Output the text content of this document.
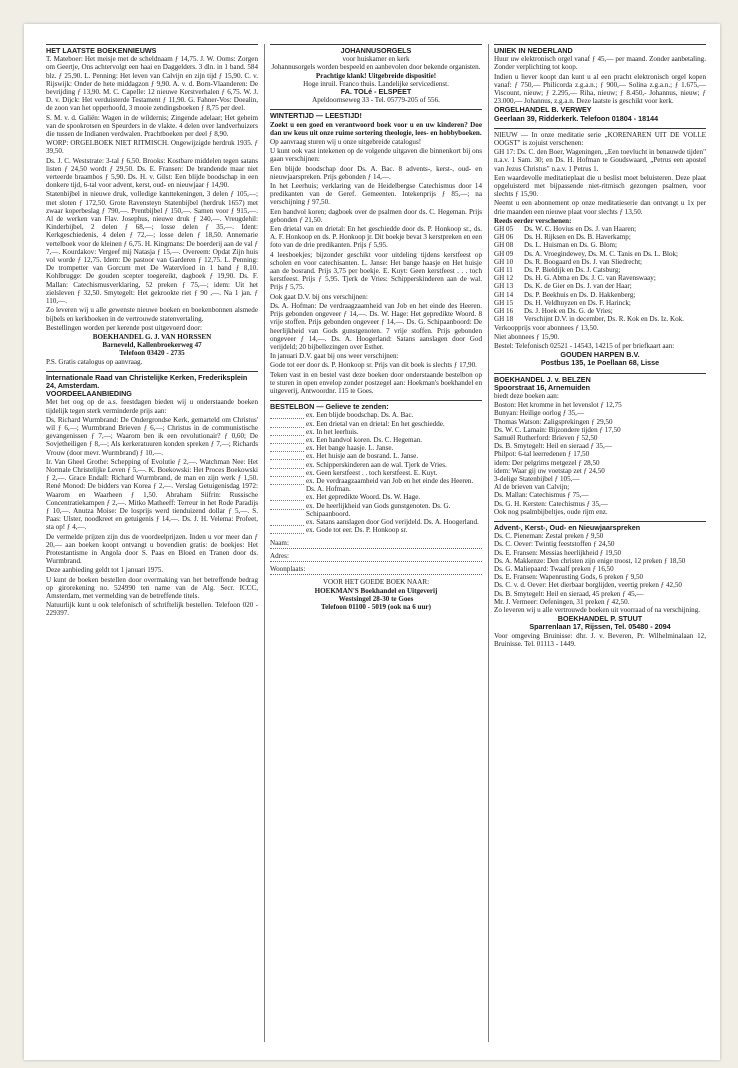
HET LAATSTE BOEKENNIEUWS

T. Mateboer: Het meisje met de scheldnaam ƒ 14,75. J. W. Ooms: Zorgen om Geertje, Ons achtervolgt een haai en Daggelders. 3 dln. in 1 band. 584 blz. ƒ 25,90. L. Penning: Het leven van Calvijn en zijn tijd ƒ 15,90. C. v. Rijswijk: Onder de hete middagzon ƒ 9,90. A. v. d. Born-Vlaanderen: De bevrijding ƒ 13,90. M. C. Capelle: 12 nieuwe Kerstverhalen ƒ 6,75. W. J. D. v. Dijck: Het verduisterde Testament ƒ 11,90. G. Fahner-Vos: Doealin, de zoon van het opperhoofd, 3 mooie zendingsboeken ƒ 8,75 per deel.

S. M. v. d. Galiën: Wagen in de wildernis; Zingende adelaar; Het geheim van de spookrotsen en Speurders in de vlakte. 4 delen over landverhuizers die tussen de Indianen verdwalen. Prachtboeken per deel ƒ 8,90.

WORP: ORGELBOEK NIET RITMISCH. Ongewijzigde herdruk 1935. ƒ 39,50.

Ds. J. C. Weststrate: 3-tal ƒ 6,50. Brooks: Kostbare middelen tegen satans listen ƒ 24,50 wordt ƒ 29,50. Ds. E. Fransen: De brandende maar niet verteerde braambos ƒ 5,90. Ds. H. v. Gilst: Een blijde boodschap in een donkere tijd, 6-tal voor advent, kerst, oud- en nieuwjaar ƒ 14,90.

Statenbijbel in nieuwe druk, volledige kanttekeningen, 3 delen ƒ 105,—; met sloten ƒ 172,50. Grote Ravensteyn Statenbijbel (herdruk 1657) met zwaar koperbeslag ƒ 790,—. Prentbijbel ƒ 150,—. Samen voor ƒ 915,—. Al de werken van Flav. Josephus, nieuwe druk ƒ 240,—. Vreugdehil: Kinderbijbel, 2 delen ƒ 68,—; losse delen ƒ 35,—. Ident: Kerkgeschiedenis, 4 delen ƒ 72,—; losse delen ƒ 18,50. Annemarie vertelboek voor de kleinen ƒ 6,75. H. Kingmans: De boerderij aan de val ƒ 7,—. Kourdakov: Vergeef mij Natasja ƒ 15,—. Overeem: Opdat Zijn huis vol worde ƒ 12,75. Idem: De pastoor van Garderen ƒ 12,75. L. Penning: De trompetter van Gorcum met De Watervloed in 1 band ƒ 8,10. Kohlbrugge: De gouden scepter toegereikt, dagboek ƒ 19,90. Ds. F. Mallan: Catechismusverklaring, 52 preken ƒ 75,—; idem: Uit het zielsleven ƒ 32,50. Smytegelt: Het gekrookte riet ƒ 90 ,—. Na 1 jan. ƒ 110,—.

Zo leveren wij u alle gewenste nieuwe boeken en boekenbonnen alsmede bijbels en kerkboeken in de vertrouwde statenvertaling.

Bestellingen worden per kerende post uitgevoerd door:

BOEKHANDEL G. J. VAN HORSSEN
Barneveld, Kallenbroekerweg 47
Telefoon 03420 - 2735

P.S. Gratis catalogus op aanvraag.

Internationale Raad van Christelijke Kerken, Frederiksplein 24, Amsterdam.
VOORDEELAANBIEDING

Met het oog op de a.s. feestdagen bieden wij u onderstaande boeken tijdelijk tegen sterk verminderde prijs aan:

Ds. Richard Wurmbrand: De Ondergrondse Kerk, gemarteld om Christus' wil ƒ 6,—; Wurmbrand Brieven ƒ 6,—; Christus in de communistische gevangenissen ƒ 7,—; Waarom ben ik een revolutionair? ƒ 0,60; De Sovjetheiligen ƒ 8,—; Als kerkeratuuren konden spreken ƒ 7,—; Richards Vrouw (door mevr. Wurmbrand) ƒ 10,—.

Ir. Van Gheel Grothe: Schepping of Evolutie ƒ 2,—. Watchman Nee: Het Normale Christelijke Leven ƒ 5,—. K. Boekowski: Het Proces Boekowski ƒ 2,—. Grace Endall: Richard Wurmbrand, de man en zijn werk ƒ 1,50. René Monod: De bidders van Korea ƒ 2,—. Verslag Getuigenisdag 1972: Waarom en Waarheen ƒ 1,50. Abraham Siifrin: Russische Concentratiekampen ƒ 2,—. Mitko Matheeff: Terreur in het Rode Paradijs ƒ 10,—. Anutza Moise: De losprijs werd tienduizend dollar ƒ 5,—. S. Paas: Ulster, noodkreet en getuigenis ƒ 14,—. Ds. J. H. Velema: Profeet, sta op! ƒ 4,—.

De vermelde prijzen zijn dus de voordeelprijzen. Inden u vor meer dan ƒ 20,— aan boeken koopt ontvangt u bovendien gratis: de boekjes: Het Protestantisme in Angola door S. Paas en Bloed en Tranen door ds. Wurmbrand.

Deze aanbieding geldt tot 1 januari 1975.

U kunt de boeken bestellen door overmaking van het betreffende bedrag op girorekening no. 524990 ten name van de Alg. Secr. ICCC, Amsterdam, met vermelding van de betreffende titels.

Natuurlijk kunt u ook telefonisch of schriftelijk bestellen. Telefoon 020 - 229397.

JOHANNUSORGELS
voor huiskamer en kerk
Johannusorgels worden bespeeld en aanbevolen door bekende organisten.
Prachtige klank! Uitgebreide dispositie!
Hoge inruil. Franco thuis. Landelijke servicedienst.
FA. TOLé - ELSPEET
Apeldoornseweg 33 - Tel. 05779-205 of 556.
WINTERTIJD — LEESTIJD!

Zoekt u een goed en verantwoord boek voor u en uw kinderen? Doe dan uw keus uit onze ruime sortering theologie, lees- en hobbyboeken.

Op aanvraag sturen wij u onze uitgebreide catalogus!

U kunt ook vast intekenen op de volgende uitgaven die binnenkort bij ons gaan verschijnen:

Een blijde boodschap door Ds. A. Bac. 8 advents-, kerst-, oud- en nieuwjaarspreken. Prijs gebonden ƒ 14,—.

In het Leerhuis; verklaring van de Heidelbergse Catechismus door 14 predikanten van de Geref. Gemeenten. Intekenprijs ƒ 85,—; na verschijning ƒ 97,50.

Een handvol koren; dagboek over de psalmen door ds. C. Hegeman. Prijs gebonden ƒ 21,50.

Een drietal van en drietal: En het geschiedde door ds. P. Honkoop sr., ds. A. F. Honkoop en ds. P. Honkoop jr. Dit boekje bevat 3 kerstpreken en een foto van de drie predikanten. Prijs ƒ 5,95.

4 leesboekjes; bijzonder geschikt voor uitdeling tijdens kerstfeest op scholen en voor catechisanten. L. Janse: Het bange haasje en Het huisje aan de bosrand. Prijs 3,75 per boekje. E. Kuyt: Geen kerstfeest . . . toch kerstfeest. Prijs ƒ 5,95. Tjerk de Vries: Schipperskinderen aan de wal. Prijs ƒ 5,75.

Ook gaat D.V. bij ons verschijnen:

Ds. A. Hofman: De verdraagzaamheid van Job en het einde des Heeren. Prijs gebonden ongeveer ƒ 14,—. Ds. W. Hage: Het gepredikte Woord. 8 vrije stoffen. Prijs gebonden ongeveer ƒ 14,—. Ds. G. Schipaanboord: De heerlijkheid van Gods gunstgenoten. 7 vrije stoffen. Prijs gebonden ongeveer ƒ 14,—. Ds. A. Hoogerland: Satans aanslagen door God verijdeld; 20 bijbellezingen over Esther.

In januari D.V. gaat bij ons weer verschijnen:

Gode tot eer door ds. P. Honkoop sr. Prijs van dit boek is slechts ƒ 17,90.

Teken vast in en bestel vast deze boeken door onderstaande bestelbon op te sturen in open envelop zonder postzegel aan: Hoekman's boekhandel en uitgeverij, Antwoordnr. 115 te Goes.

BESTELBON — Gelieve te zenden:
ex. Een blijde boodschap. Ds. A. Bac.
ex. Een drietal van en drietal: En het geschiedde.
ex. In het leerhuis.
ex. Een handvol koren. Ds. C. Hegeman.
ex. Het bange haasje. L. Janse.
ex. Het huisje aan de bosrand. L. Janse.
ex. Schipperskinderen aan de wal. Tjerk de Vries.
ex. Geen kerstfeest . . toch kerstfeest. E. Kuyt.
ex. De verdraagzaamheid van Job en het einde des Heeren. Ds. A. Hofman.
ex. Het gepredikte Woord. Ds. W. Hage.
ex. De heerlijkheid van Gods gunstgenoten. Ds. G. Schipaanboord.
ex. Satans aanslagen door God verijdeld. Ds. A. Hoogerland.
ex. Gode tot eer. Ds. P. Honkoop sr.
Naam:
Adres:
Woonplaats:
VOOR HET GOEDE BOEK NAAR:
HOEKMAN'S Boekhandel en Uitgeverij
Westsingel 28-30 te Goes
Telefoon 01100 - 5019 (ook na 6 uur)
UNIEK IN NEDERLAND

Huur uw elektronisch orgel vanaf ƒ 45,— per maand. Zonder aanbetaling. Zonder verplichting tot koop.

Indien u liever koopt dan kunt u al een pracht elektronisch orgel kopen vanaf: ƒ 750,— Philicorda z.g.a.n.; ƒ 900,— Solina z.g.a.n.; ƒ 1.675,— Viscount, nieuw; ƒ 2.295,— Riha, nieuw; ƒ 8.450,- Johannus, nieuw; ƒ 23.000,— Johannus, z.g.a.n. Deze laatste is geschikt voor kerk.

ORGELHANDEL B. VERWEY
Geerlaan 39, Ridderkerk. Telefoon 01804 - 18144

NIEUW — In onze meditatie serie „KORENAREN UIT DE VOLLE OOGST" is zojuist verschenen:

GH 17: Ds. C. den Boer, Wageningen, „Een toevlucht in benauwde tijden" n.a.v. 1 Sam. 30; en Ds. H. Hofman te Goudswaard, „Petrus een apostel van Jezus Christus" n.a.v. 1 Petrus 1.

Een waardevolle meditatieplaat die u beslist moet beluisteren. Deze plaat opgeluisterd met bijpassende niet-ritmisch gezongen psalmen, voor slechts ƒ 15,90.

Neemt u een abonnement op onze meditatieserie dan ontvangt u 1x per drie maanden een nieuwe plaat voor slechts ƒ 13,50.

Reeds eerder verschenen:
GH 05	Ds. W. C. Hovius en Ds. J. van Haaren;
GH 06	Ds. H. Rijksen en Ds. B. Haverkamp;
GH 08	Ds. L. Huisman en Ds. G. Blom;
GH 09	Ds. A. Vroegindewey, Ds. M. C. Tanis en Ds. L. Blok;
GH 10	Ds. R. Boogaard en Ds. J. van Sliedrecht;
GH 11	Ds. P. Bieldijk en Ds. J. Catsburg;
GH 12	Ds. H. G. Abma en Ds. J. C. van Ravenswaay;
GH 13	Ds. K. de Gier en Ds. J. van der Haar;
GH 14	Ds. P. Beekhuis en Ds. D. Hakkenberg;
GH 15	Ds. H. Veldhuyzen en Ds. F. Harinck;
GH 16	Ds. J. Hoek en Ds. G. de Vries;
GH 18	Verschijnt D.V. in december, Ds. R. Kok en Ds. Iz. Kok.

Verkoopprijs voor abonnees ƒ 13,50.

Niet abonnees ƒ 15,90.

Bestel: Telefonisch 02521 - 14543, 14215 of per briefkaart aan:

GOUDEN HARPEN B.V.
Postbus 135, 1e Poellaan 68, Lisse
BOEKHANDEL J. v. BELZEN
Spoorstraat 16, Arnemuiden

biedt deze boeken aan:

Boston: Het kromme in het levenslot ƒ 12,75
Bunyan: Heilige oorlog ƒ 35,—
Thomas Watson: Zaligsprekingen ƒ 29,50
Ds. W. C. Lamain: Bijzondere tijden ƒ 17,50
Samuël Rutherford: Brieven ƒ 52,50
Ds. B. Smytegelt: Heil en sieraad ƒ 35,—
Philpot: 6-tal leerredenen ƒ 17,50
idem: Der pelgrims metgezel ƒ 28,50
idem: Waar gij uw voetstap zet ƒ 24,50
3-delige Statenbijbel ƒ 105,—
Al de brieven van Calvijn;
Ds. Mallan: Catechismus ƒ 75,—
Ds. G. H. Kersten: Catechismus ƒ 35,—
Ook nog psalmbijbeltjes, oude rijm enz.
Advent-, Kerst-, Oud- en Nieuwjaarspreken
Ds. C. Pieneman: Zestal preken ƒ 9,50
Ds. C. Oever: Twintig feeststoffen ƒ 24,50
Ds. E. Fransen: Messias heerlijkheid ƒ 19,50
Ds. A. Makkenze: Den christen zijn enige troost, 12 preken ƒ 18,50
Ds. G. Maliepaard: Twaalf preken ƒ 16,50
Ds. E. Fransen: Wapenrusting Gods, 6 preken ƒ 9,50
Ds. C. v. d. Oever: Het dierbaar borglijden, veertig preken ƒ 42,50
Ds. B. Smytegelt: Heil en sieraad, 45 preken ƒ 45,—
Mr. J. Vermeer: Oefeningen, 31 preken ƒ 42,50.

Zo leveren wij u alle vertrouwde boeken uit voorraad of na verschijning.

BOEKHANDEL P. STUUT
Sparrenlaan 17, Rijssen, Tel. 05480 - 2094

Voor omgeving Bruinisse: dhr. J. v. Beveren, Pr. Wilhelminalaan 12, Bruinisse. Tel. 01113 - 1449.
